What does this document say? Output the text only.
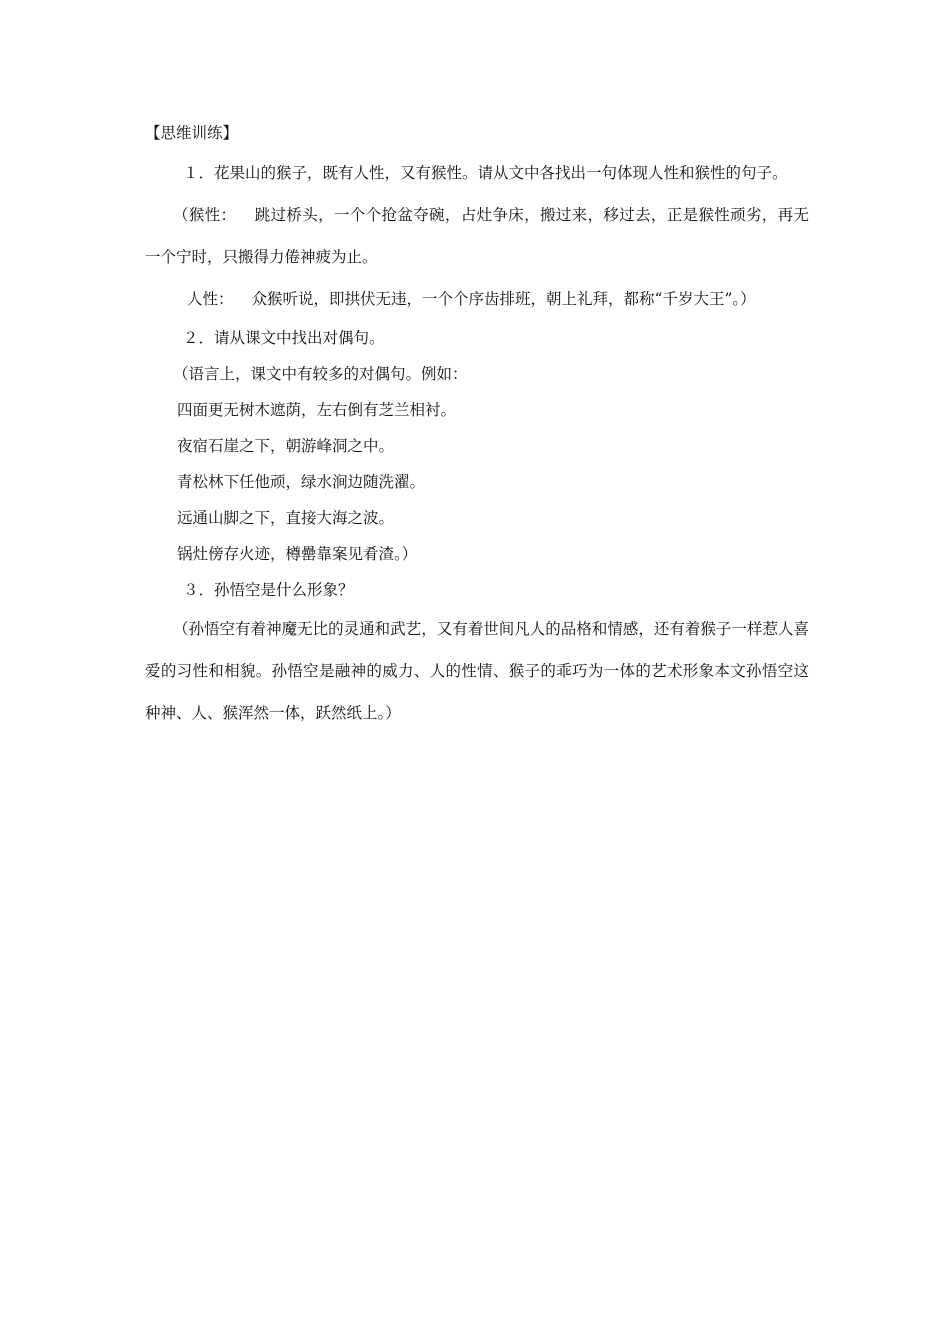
【思维训练】

１．花果山的猴子，既有人性，又有猴性。请从文中各找出一句体现人性和猴性的句子。

（猴性： 跳过桥头，一个个抢盆夺碗，占灶争床，搬过来，移过去，正是猴性顽劣，再无一个宁时，只搬得力倦神疲为止。

人性： 众猴听说，即拱伏无违，一个个序齿排班，朝上礼拜，都称“千岁大王”。）

２．请从课文中找出对偶句。

（语言上，课文中有较多的对偶句。例如：

四面更无树木遮荫，左右倒有芝兰相衬。

夜宿石崖之下，朝游峰洞之中。

青松林下任他顽，绿水涧边随洗濯。

远通山脚之下，直接大海之波。

锅灶傍存火迹，樽罍靠案见肴渣。）

３．孙悟空是什么形象？

（孙悟空有着神魔无比的灵通和武艺，又有着世间凡人的品格和情感，还有着猴子一样惹人喜爱的习性和相貌。孙悟空是融神的威力、人的性情、猴子的乖巧为一体的艺术形象本文孙悟空这种神、人、猴浑然一体，跃然纸上。）
